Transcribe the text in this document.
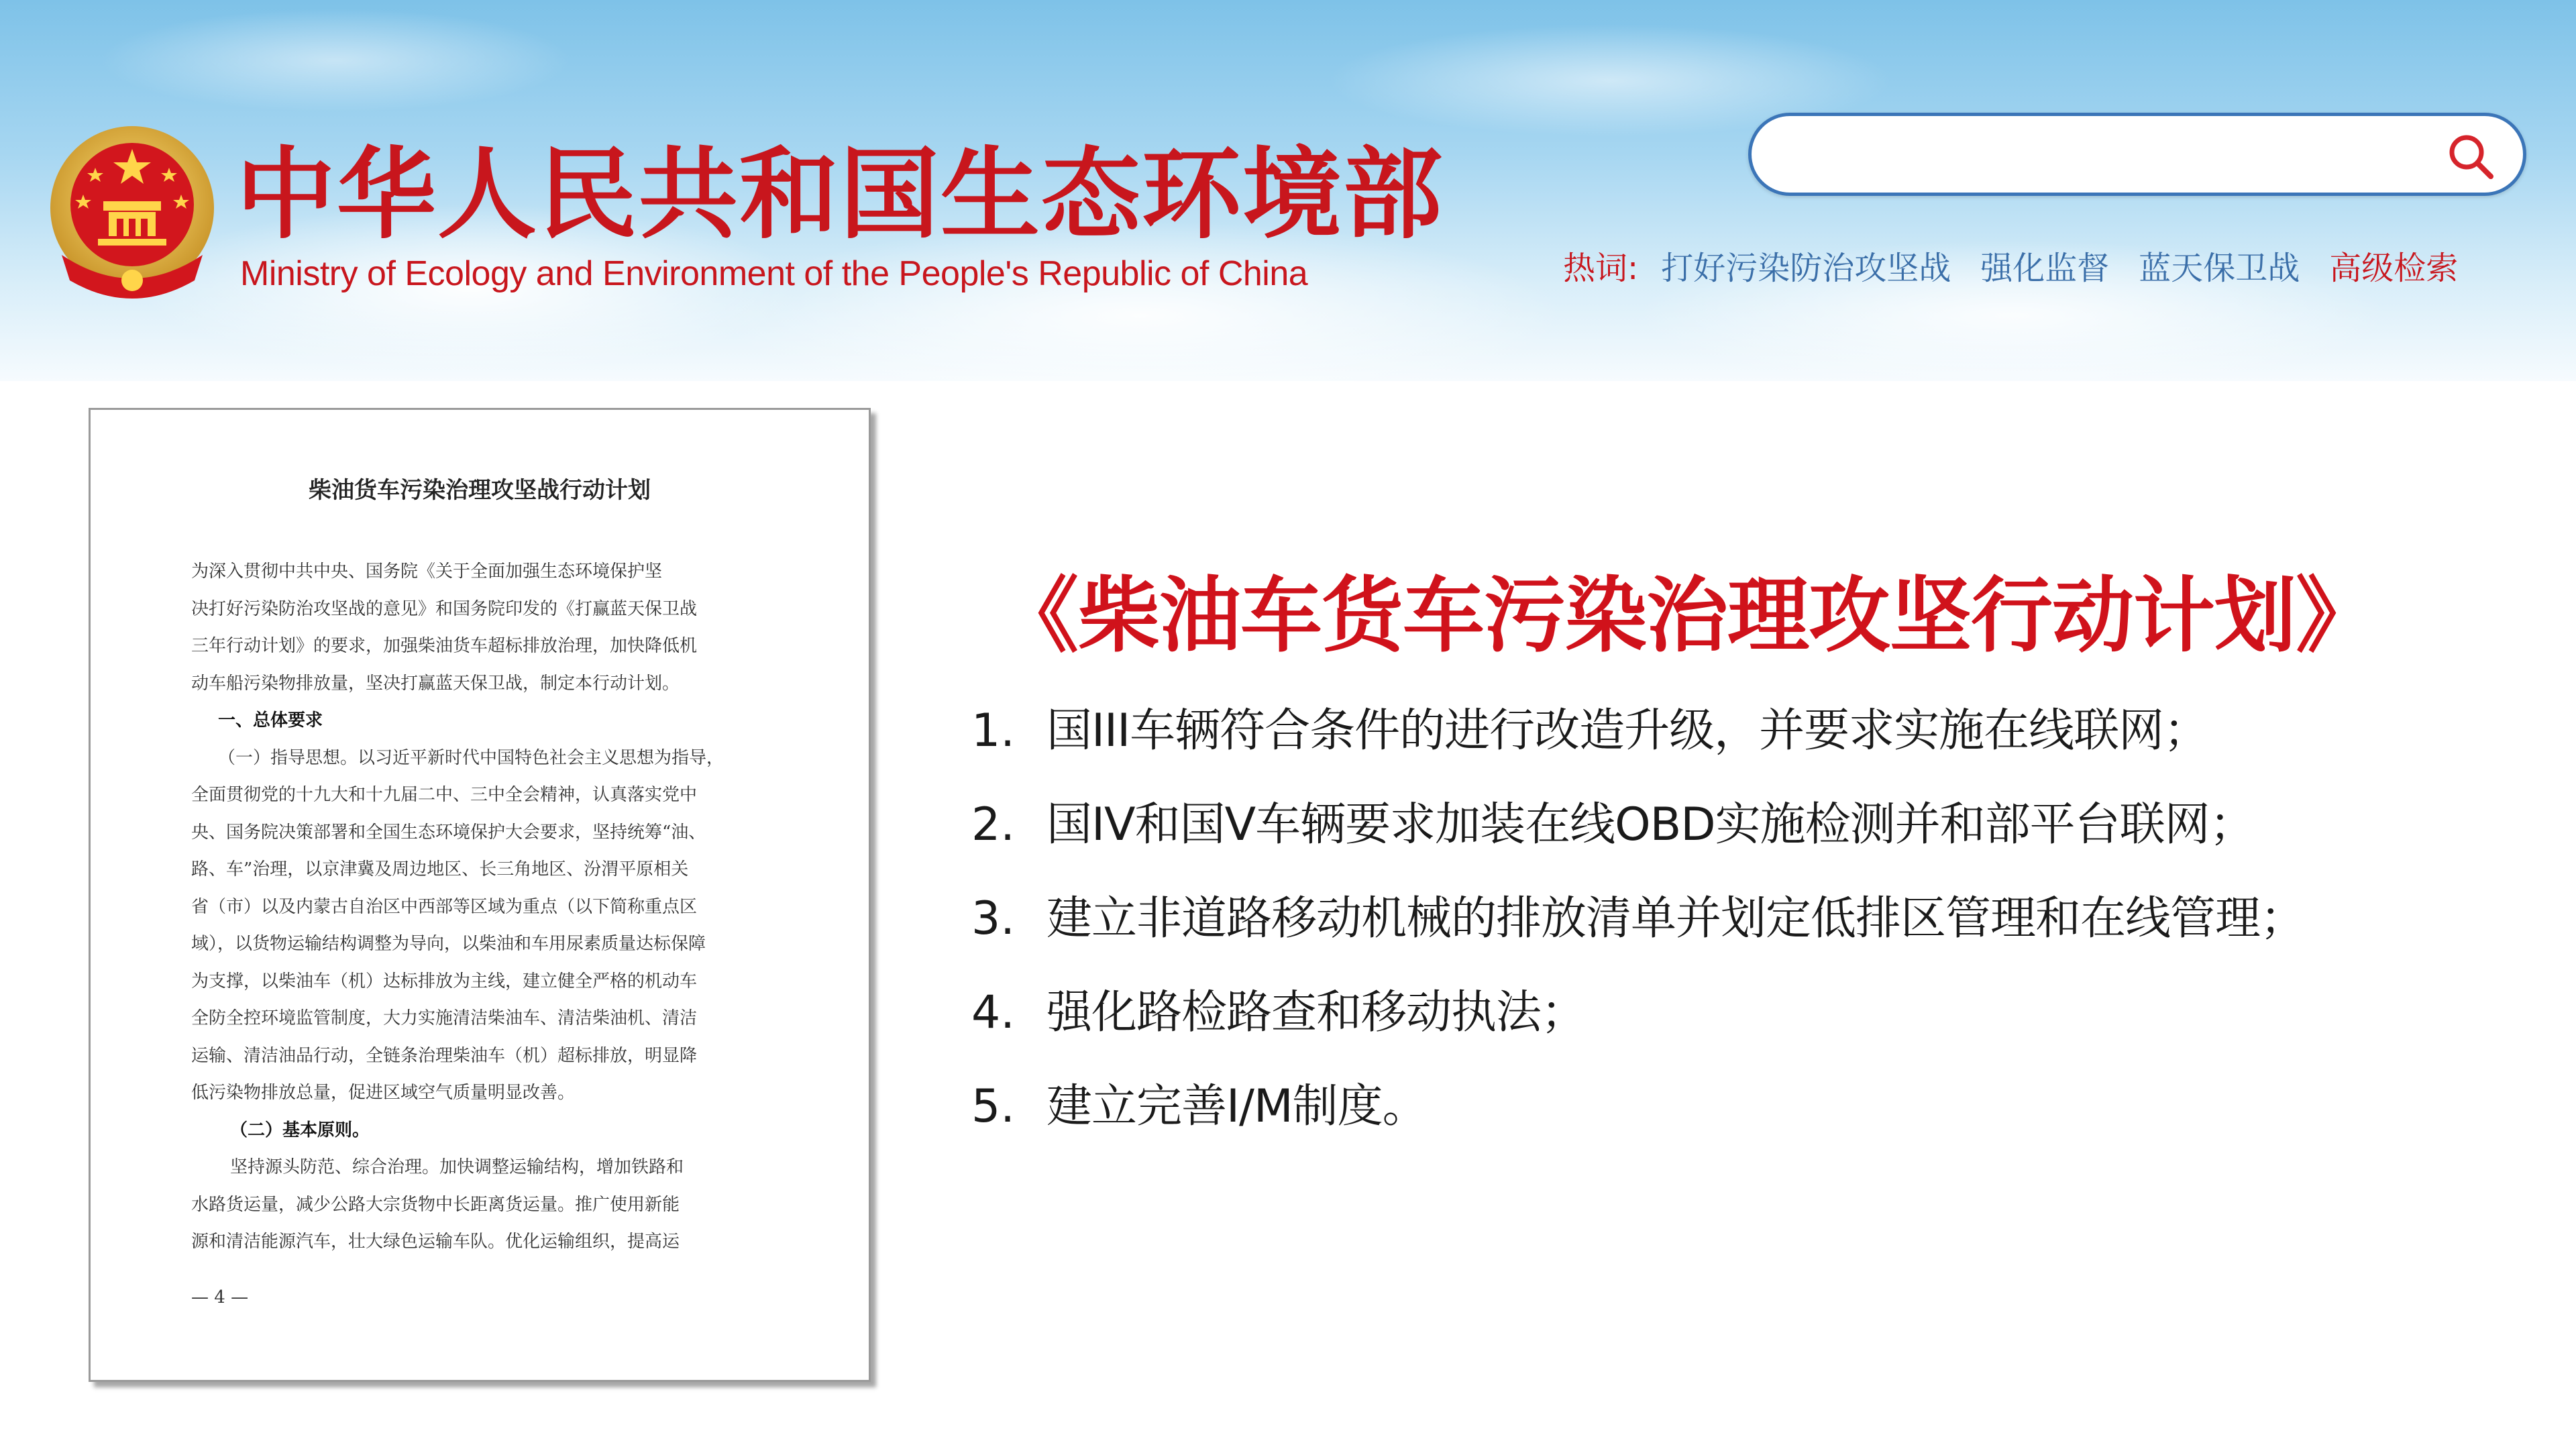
中华人民共和国生态环境部
Ministry of Ecology and Environment of the People's Republic of China	热词: 打好污染防治攻坚战 强化监督 蓝天保卫战 高级检索
柴油货车污染治理攻坚战行动计划
为深入贯彻中共中央、国务院《关于全面加强生态环境保护坚
决打好污染防治攻坚战的意见》和国务院印发的《打赢蓝天保卫战
三年行动计划》的要求，加强柴油货车超标排放治理，加快降低机
动车船污染物排放量，坚决打赢蓝天保卫战，制定本行动计划。
一、总体要求
（一）指导思想。以习近平新时代中国特色社会主义思想为指导，
全面贯彻党的十九大和十九届二中、三中全会精神，认真落实党中
央、国务院决策部署和全国生态环境保护大会要求，坚持统筹“油、
路、车”治理，以京津冀及周边地区、长三角地区、汾渭平原相关
省（市）以及内蒙古自治区中西部等区域为重点（以下简称重点区
域），以货物运输结构调整为导向，以柴油和车用尿素质量达标保障
为支撑，以柴油车（机）达标排放为主线，建立健全严格的机动车
全防全控环境监管制度，大力实施清洁柴油车、清洁柴油机、清洁
运输、清洁油品行动，全链条治理柴油车（机）超标排放，明显降
低污染物排放总量，促进区域空气质量明显改善。
（二）基本原则。
坚持源头防范、综合治理。加快调整运输结构，增加铁路和
水路货运量，减少公路大宗货物中长距离货运量。推广使用新能
源和清洁能源汽车，壮大绿色运输车队。优化运输组织，提高运
— 4 —
《柴油车货车污染治理攻坚行动计划》
1. 国III车辆符合条件的进行改造升级，并要求实施在线联网；
2. 国IV和国V车辆要求加装在线OBD实施检测并和部平台联网；
3. 建立非道路移动机械的排放清单并划定低排区管理和在线管理；
4. 强化路检路查和移动执法；
5. 建立完善I/M制度。
